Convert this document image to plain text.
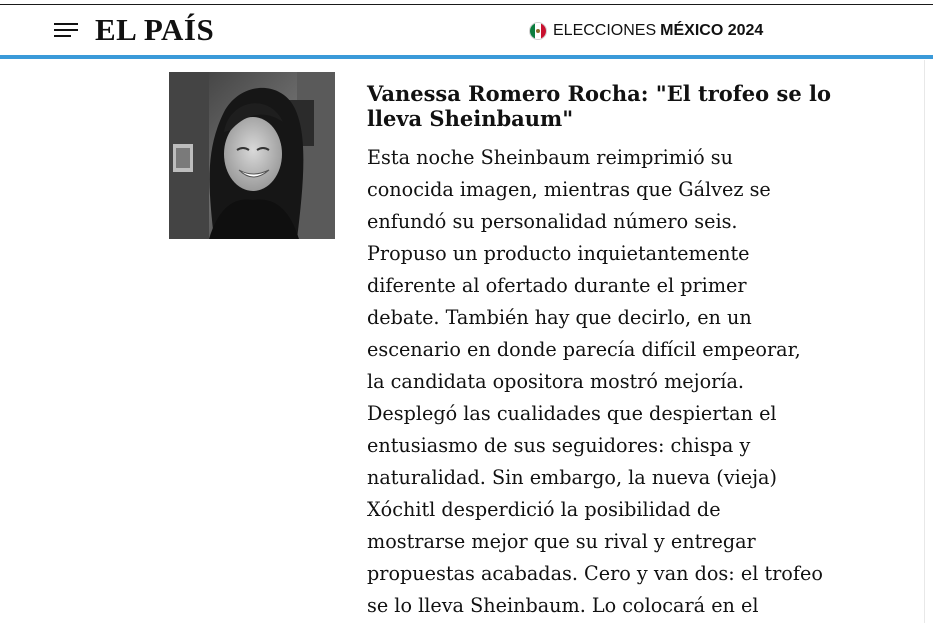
EL PAÍS	ELECCIONES MÉXICO 2024
Vanessa Romero Rocha: "El trofeo se lo lleva Sheinbaum"
Esta noche Sheinbaum reimprimió su
conocida imagen, mientras que Gálvez se
enfundó su personalidad número seis.
Propuso un producto inquietantemente
diferente al ofertado durante el primer
debate. También hay que decirlo, en un
escenario en donde parecía difícil empeorar,
la candidata opositora mostró mejoría.
Desplegó las cualidades que despiertan el
entusiasmo de sus seguidores: chispa y
naturalidad. Sin embargo, la nueva (vieja)
Xóchitl desperdició la posibilidad de
mostrarse mejor que su rival y entregar
propuestas acabadas. Cero y van dos: el trofeo
se lo lleva Sheinbaum. Lo colocará en el
